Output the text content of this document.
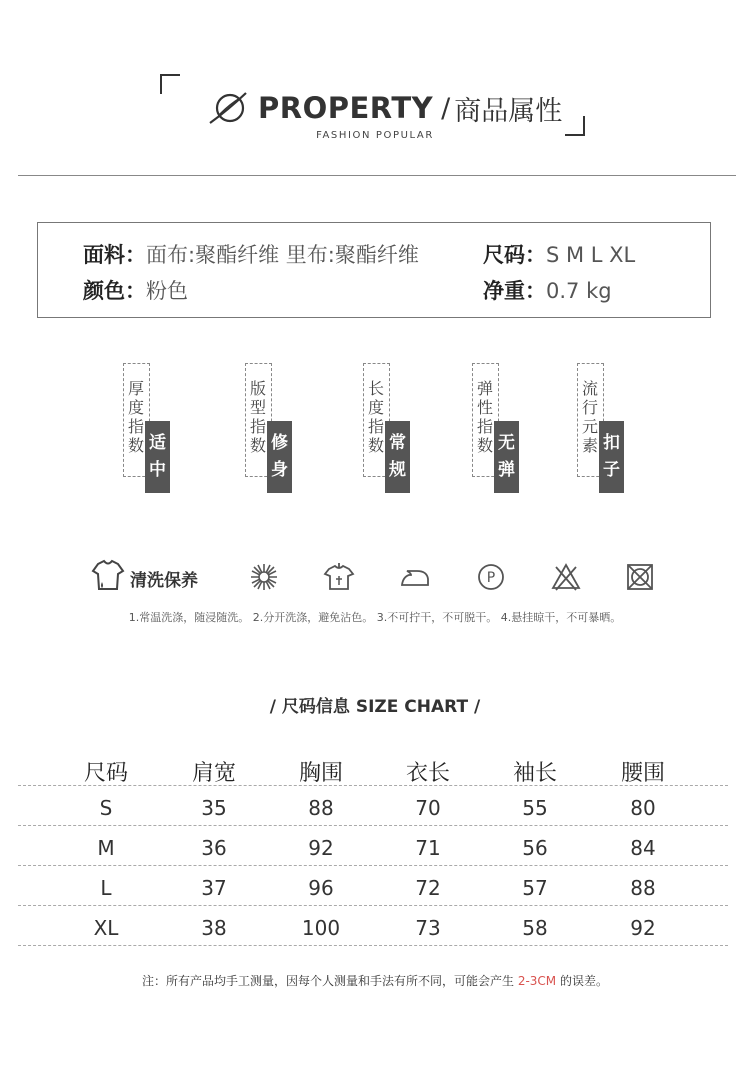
PROPERTY / 商品属性
FASHION POPULAR
面料：面布:聚酯纤维 里布:聚酯纤维	尺码：S M L XL
颜色：粉色	净重：0.7 kg
厚度指数 适中
版型指数 修身
长度指数 常规
弹性指数 无弹
流行元素 扣子
清洗保养	P
1.常温洗涤，随浸随洗。 2.分开洗涤，避免沾色。 3.不可拧干，不可脱干。 4.悬挂晾干，不可暴晒。
/ 尺码信息 SIZE CHART /
尺码	肩宽	胸围	衣长	袖长	腰围
S	35	88	70	55	80
M	36	92	71	56	84
L	37	96	72	57	88
XL	38	100	73	58	92
注：所有产品均手工测量，因每个人测量和手法有所不同，可能会产生 2-3CM 的误差。
